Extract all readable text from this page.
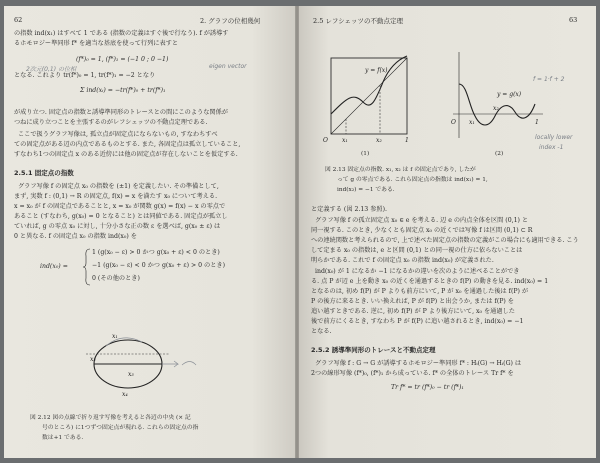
62	2. グラフの位相幾何
の指数 ind(x₁) はすべて 1 である (指数の定義はすぐ後で行なう). f が誘導す
るホモロジー準同形 f* を適当な基底を使って行列に表すと
(f*)₀ = 1, (f*)₁ = (−1 0 ; 0 −1)
となる. これより tr(f*)₀ = 1, tr(f*)₁ = −2 となり
Σ ind(xᵢ) = −tr(f*)₀ + tr(f*)₁
が成り立つ. 固定点の指数と誘導準同形のトレースとの間にこのような関係が
つねに成り立つことを主張するのがレフシェッツの不動点定理である.
ここで扱うグラフ写像は, 孤立点が固定点にならないもの, すなわちすべ
ての固定点がある辺の内点であるものとする. また, 各固定点は孤立していること,
すなわち1つの固定点 x のある近傍には他の固定点が存在しないことを仮定する.
2次元(0,1) の位相	eigen vector
2.5.1 固定点の指数
グラフ写像 f の固定点 x₀ の指数を (±1) を定義したい. その準備として,
まず, 実数 f : (0,1) → R の固定点, f(x) = x を満たす x₀ について考える.
x = x₀ が f の固定点であることと, x = x₀ が関数 g(x) = f(x) − x の零点で
あること (すなわち, g(x₀) = 0 となること) とは同値である. 固定点が孤立し
ていれば, g の零点 x₀ に対し, 十分小さな正の数 ε を選べば, g(x₀ ± ε) は
0 と異なる. f の固定点 x₀ の指数 ind(x₀) を
ind(x₀) =
1 (g(x₀ − ε) > 0 かつ g(x₀ + ε) < 0 のとき)
−1 (g(x₀ − ε) < 0 かつ g(x₀ + ε) > 0 のとき)
0 (その他のとき)
x₁
x₂
x₃
x₄
図 2.12 図の点線で折り返す写像を考えると各辺の中央 (× 記
号のところ) に1つずつ固定点が現れる. これらの固定点の指
数は+1 である.
2.5 レフシェッツの不動点定理	63
y = f(x)
O x₁	x₂	1
(1)
y = g(x)
O x₁
x₂
1
(2)
f = 1·f + 2
locally lower
index -1
図 2.13 固定点の指数. x₁, x₂ は f の固定点であり, したが
って g の零点である. これら固定点の指数は ind(x₁) = 1,
ind(x₂) = −1 である.
と定義する (図 2.13 参照).
グラフ写像 f の孤立固定点 x₀ ∈ e を考える. 辺 e の内点全体を区間 (0,1) と
同一視する. このとき, 少なくとも固定点 x₀ の近くでは写像 f は区間 (0,1) ⊂ R
への連続関数と考えられるので, 上で述べた固定点の指数の定義がこの場合にも適用できる. こう
して定まる x₀ の指数は, e と区間 (0,1) との同一視の仕方に依らないことは
明らかである. これで f の固定点 x₀ の指数 ind(x₀) が定義された.
ind(x₀) が 1 になるか −1 になるかの違いを次のように述べることができ
る. 点 P が辺 e 上を動き x₀ の近くを通過するときの f(P) の動きを見る. ind(x₀) = 1
となるのは, 初め f(P) が P よりも前方にいて, P が x₀ を通過した後は f(P) が
P の後方に来るとき. いい換えれば, P が f(P) と出会うか, または f(P) を
追い越すときである. 逆に, 初め f(P) が P より後方にいて, x₀ を通過した
後で前方にくるとき, すなわち P が f(P) に追い越されるとき, ind(x₀) = −1
となる.
2.5.2 誘導準同形のトレースと不動点定理
グラフ写像 f : G → G が誘導するホモロジー準同形 f* : Hᵢ(G) → Hᵢ(G) は
2つの線形写像 (f*)₀, (f*)₁ から成っている. f* の全体のトレース Tr f* を
Tr f* = tr (f*)₀ − tr (f*)₁
